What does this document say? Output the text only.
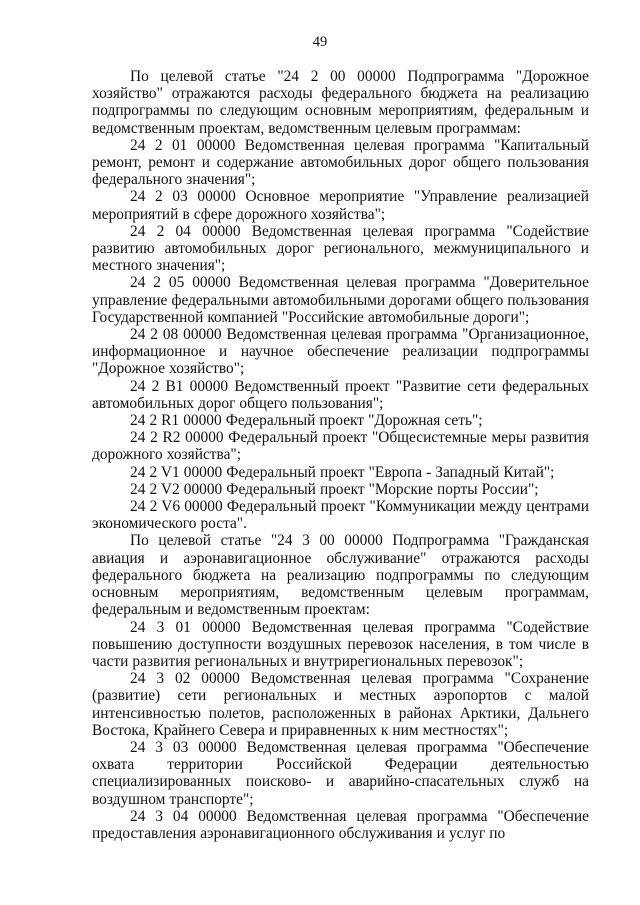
49

По целевой статье "24 2 00 00000 Подпрограмма "Дорожное хозяйство" отражаются расходы федерального бюджета на реализацию подпрограммы по следующим основным мероприятиям, федеральным и ведомственным проектам, ведомственным целевым программам:

24 2 01 00000 Ведомственная целевая программа "Капитальный ремонт, ремонт и содержание автомобильных дорог общего пользования федерального значения";

24 2 03 00000 Основное мероприятие "Управление реализацией мероприятий в сфере дорожного хозяйства";

24 2 04 00000 Ведомственная целевая программа "Содействие развитию автомобильных дорог регионального, межмуниципального и местного значения";

24 2 05 00000 Ведомственная целевая программа "Доверительное управление федеральными автомобильными дорогами общего пользования Государственной компанией "Российские автомобильные дороги";

24 2 08 00000 Ведомственная целевая программа "Организационное, информационное и научное обеспечение реализации подпрограммы "Дорожное хозяйство";

24 2 В1 00000 Ведомственный проект "Развитие сети федеральных автомобильных дорог общего пользования";

24 2 R1 00000 Федеральный проект "Дорожная сеть";

24 2 R2 00000 Федеральный проект "Общесистемные меры развития дорожного хозяйства";

24 2 V1 00000 Федеральный проект "Европа - Западный Китай";

24 2 V2 00000 Федеральный проект "Морские порты России";

24 2 V6 00000 Федеральный проект "Коммуникации между центрами экономического роста".

По целевой статье "24 3 00 00000 Подпрограмма "Гражданская авиация и аэронавигационное обслуживание" отражаются расходы федерального бюджета на реализацию подпрограммы по следующим основным мероприятиям, ведомственным целевым программам, федеральным и ведомственным проектам:

24 3 01 00000 Ведомственная целевая программа "Содействие повышению доступности воздушных перевозок населения, в том числе в части развития региональных и внутрирегиональных перевозок";

24 3 02 00000 Ведомственная целевая программа "Сохранение (развитие) сети региональных и местных аэропортов с малой интенсивностью полетов, расположенных в районах Арктики, Дальнего Востока, Крайнего Севера и приравненных к ним местностях";

24 3 03 00000 Ведомственная целевая программа "Обеспечение охвата территории Российской Федерации деятельностью специализированных поисково- и аварийно-спасательных служб на воздушном транспорте";

24 3 04 00000 Ведомственная целевая программа "Обеспечение предоставления аэронавигационного обслуживания и услуг по
